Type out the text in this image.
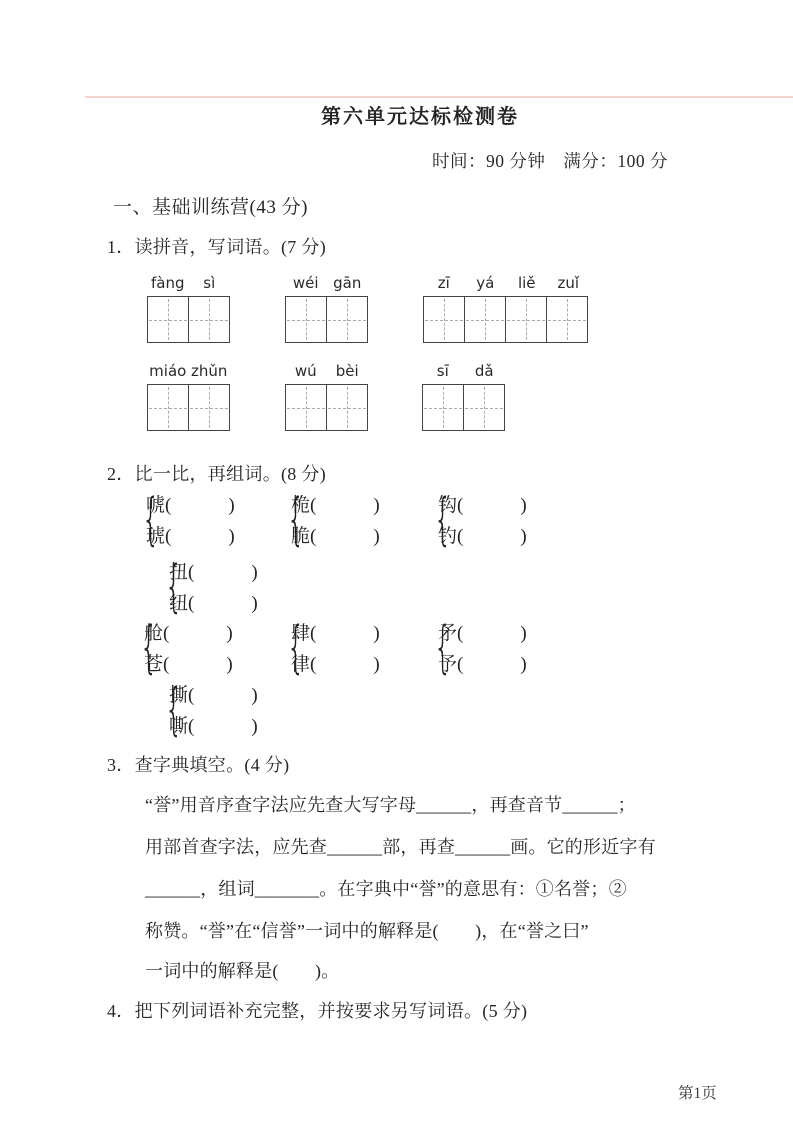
第六单元达标检测卷
时间：90 分钟　满分：100 分
一、基础训练营(43 分)
1．读拼音，写词语。(7 分)
fàng	sì	wéi gān	zī	yá	liě	zuǐ
miáo zhǔn	wú	bèi	sī	dǎ
2．比一比，再组词。(8 分)
{
唬(　　　)
琥(　　　) {
桅(　　　)
脆(　　　) {
钩(　　　)
钓(　　　)
{
扭(　　　)
纽(　　　)
{
舱(　　　)
苍(　　　) {
肆(　　　)
律(　　　) {
矛(　　　)
予(　　　)
{
撕(　　　)
嘶(　　　)
3．查字典填空。(4 分)
“誉”用音序查字法应先查大写字母______，再查音节______；
用部首查字法，应先查______部，再查______画。它的形近字有
______，组词_______。在字典中“誉”的意思有：①名誉；②
称赞。“誉”在“信誉”一词中的解释是(　　)，在“誉之曰”
一词中的解释是(　　)。
4．把下列词语补充完整，并按要求另写词语。(5 分)
第1页
